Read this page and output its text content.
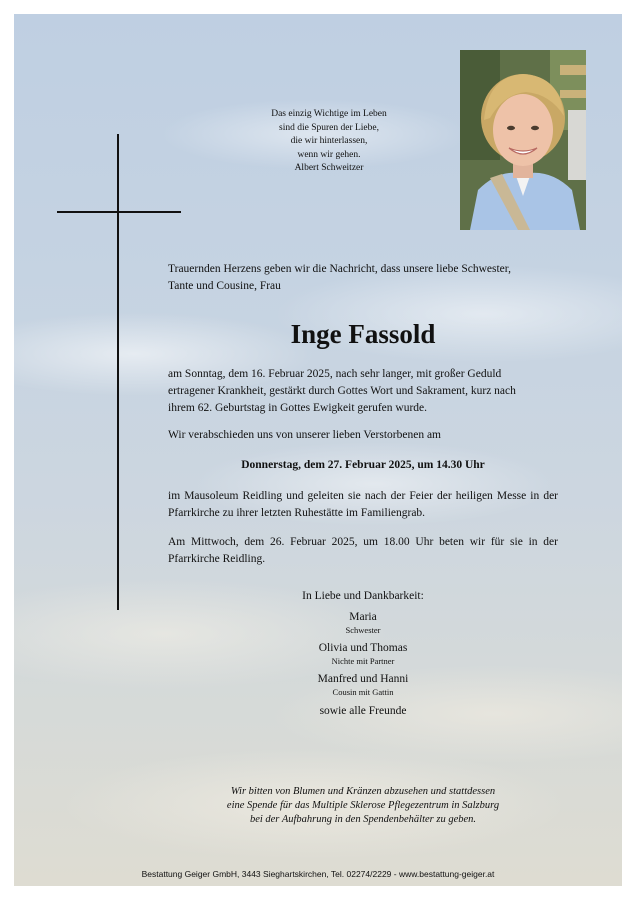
Das einzig Wichtige im Leben
sind die Spuren der Liebe,
die wir hinterlassen,
wenn wir gehen.
Albert Schweitzer
Trauernden Herzens geben wir die Nachricht, dass unsere liebe Schwester,
Tante und Cousine, Frau
Inge Fassold
am Sonntag, dem 16. Februar 2025, nach sehr langer, mit großer Geduld
ertragener Krankheit, gestärkt durch Gottes Wort und Sakrament, kurz nach
ihrem 62. Geburtstag in Gottes Ewigkeit gerufen wurde.
Wir verabschieden uns von unserer lieben Verstorbenen am
Donnerstag, dem 27. Februar 2025, um 14.30 Uhr
im Mausoleum Reidling und geleiten sie nach der Feier der heiligen Messe in der Pfarrkirche zu ihrer letzten Ruhestätte im Familiengrab.
Am Mittwoch, dem 26. Februar 2025, um 18.00 Uhr beten wir für sie in der Pfarrkirche Reidling.
In Liebe und Dankbarkeit:
Maria
Schwester
Olivia und Thomas
Nichte mit Partner
Manfred und Hanni
Cousin mit Gattin
sowie alle Freunde
Wir bitten von Blumen und Kränzen abzusehen und stattdessen
eine Spende für das Multiple Sklerose Pflegezentrum in Salzburg
bei der Aufbahrung in den Spendenbehälter zu geben.
Bestattung Geiger GmbH, 3443 Sieghartskirchen, Tel. 02274/2229 - www.bestattung-geiger.at
